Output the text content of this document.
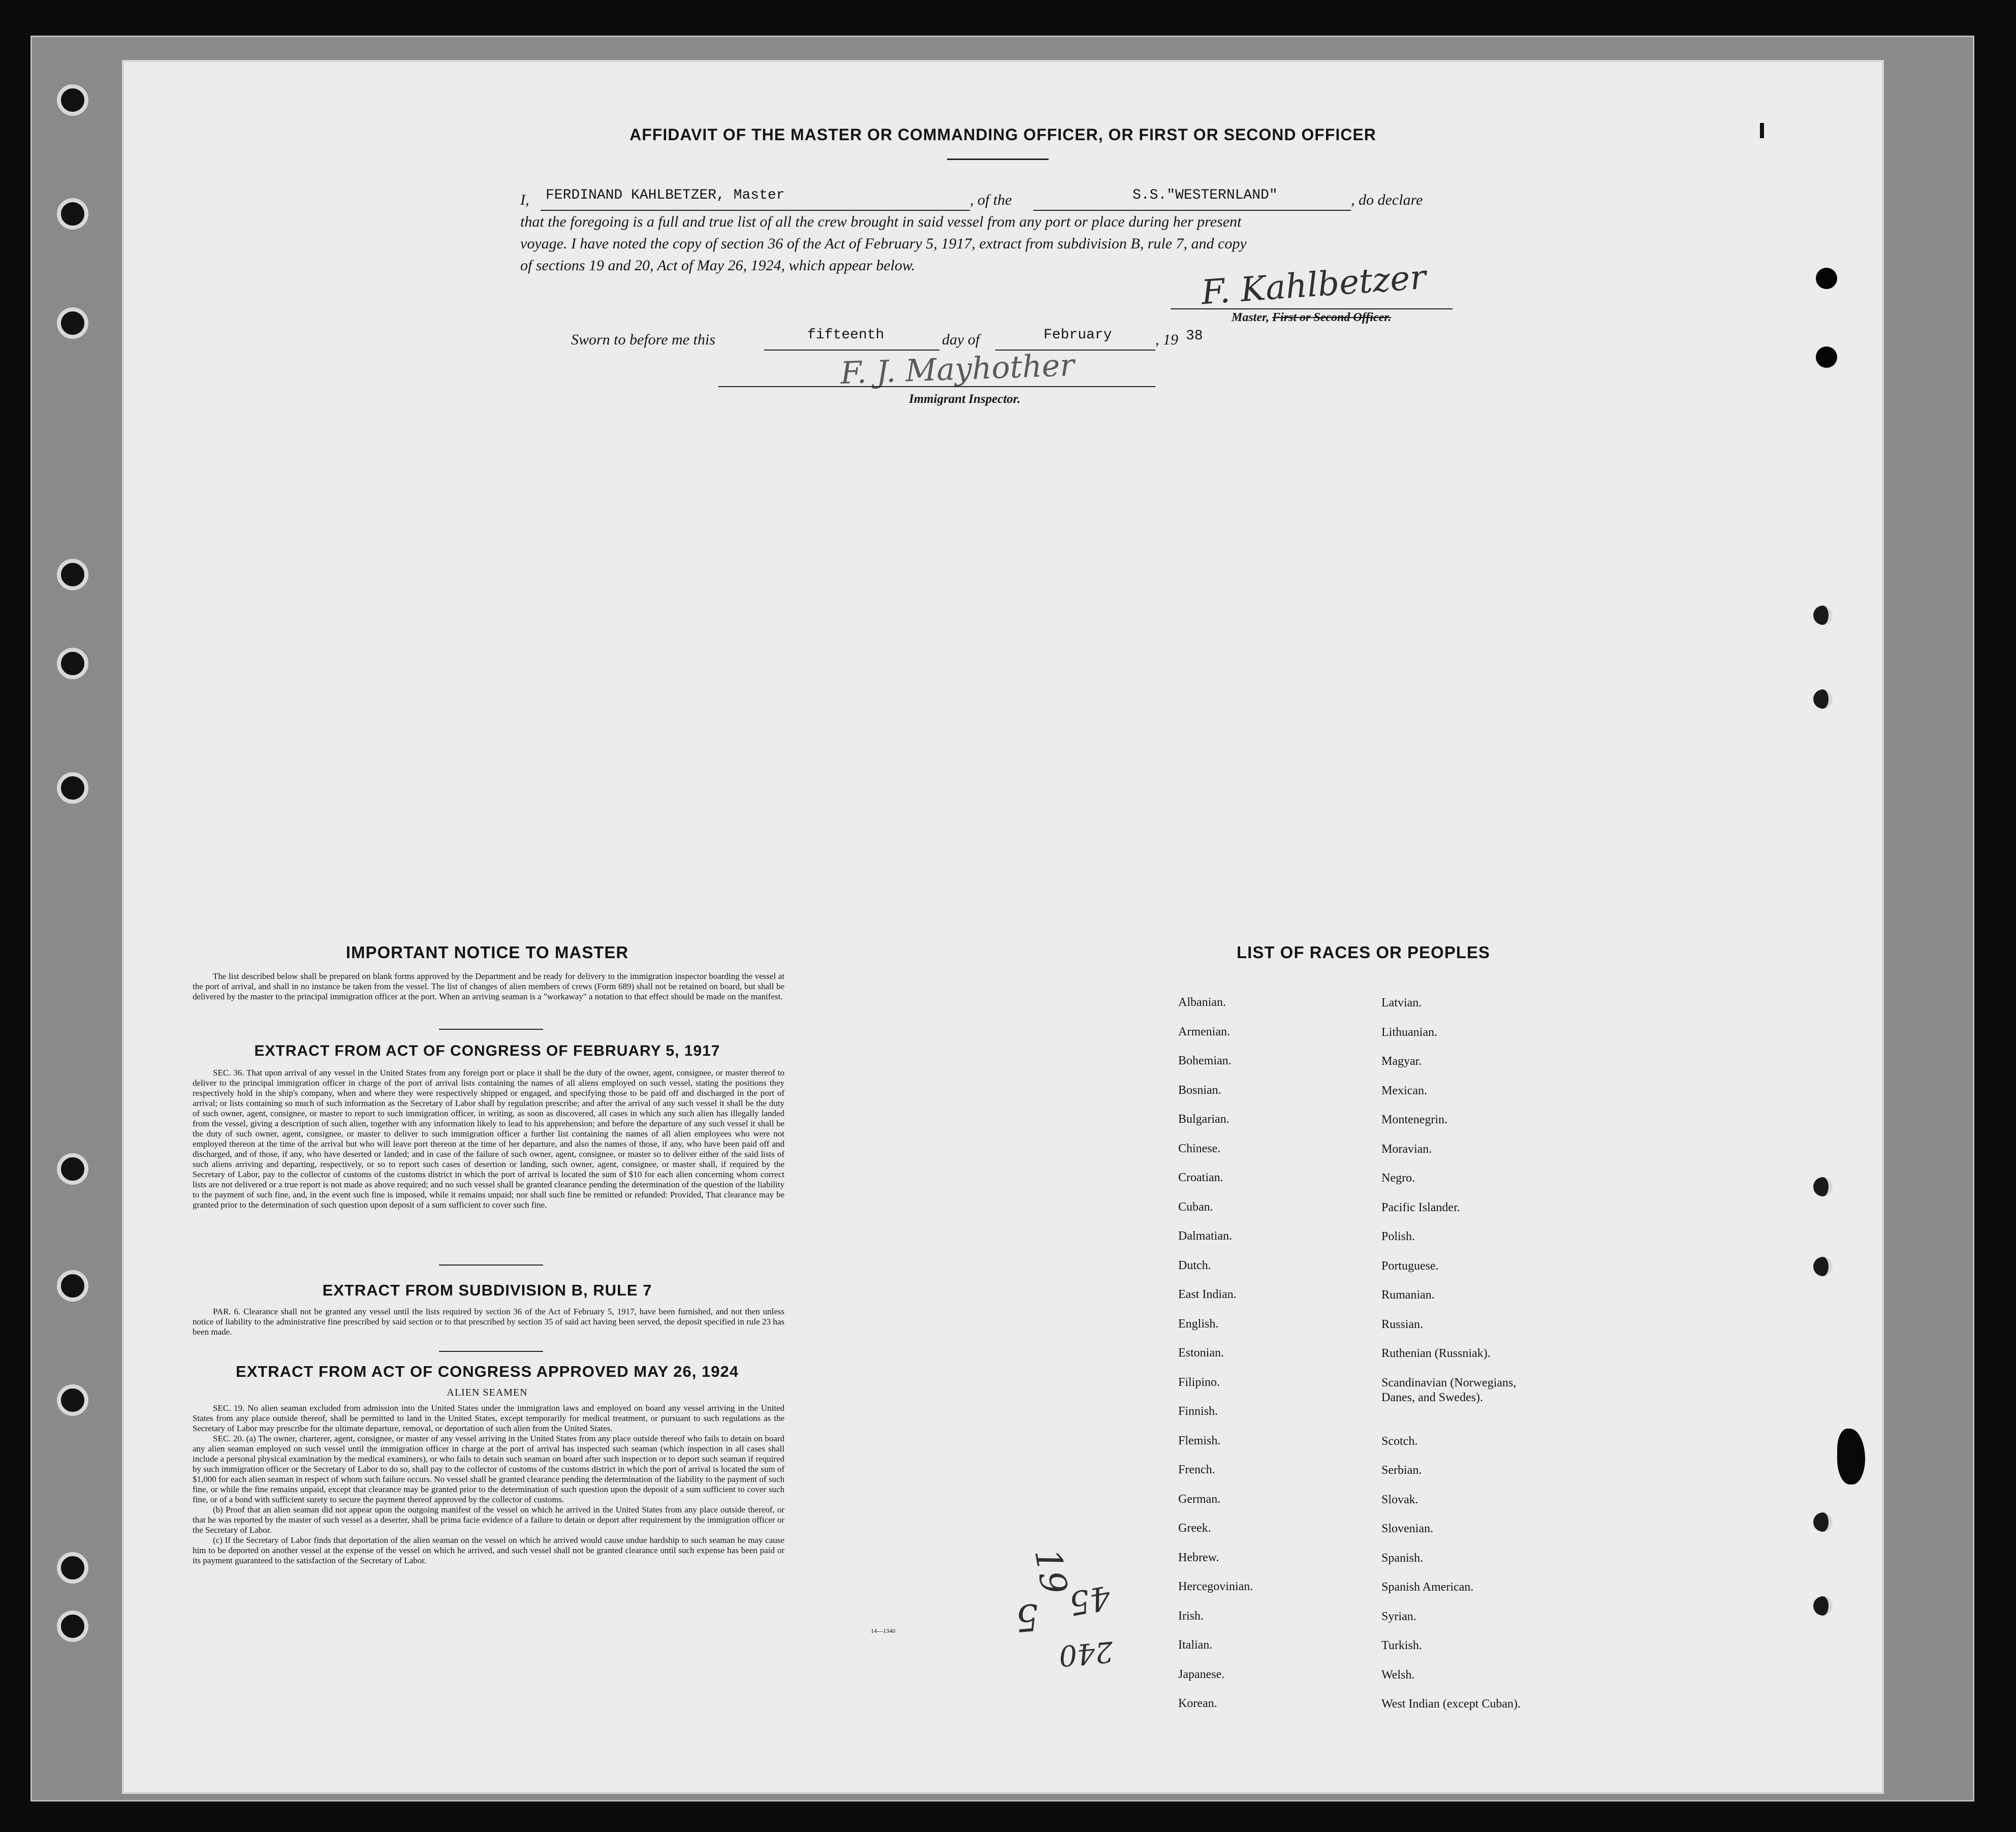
AFFIDAVIT OF THE MASTER OR COMMANDING OFFICER, OR FIRST OR SECOND OFFICER
I, FERDINAND KAHLBETZER, Master	, of the	S.S."WESTERNLAND"	, do declare
that the foregoing is a full and true list of all the crew brought in said vessel from any port or place during her present
voyage. I have noted the copy of section 36 of the Act of February 5, 1917, extract from subdivision B, rule 7, and copy
of sections 19 and 20, Act of May 26, 1924, which appear below.	F. Kahlbetzer
Master, First or Second Officer.
Sworn to before me this	fifteenth	day of	February	, 19 38
F. J. Mayhother
Immigrant Inspector.
IMPORTANT NOTICE TO MASTER
The list described below shall be prepared on blank forms approved by the Department and be ready for delivery to the immigration inspector boarding the vessel at the port of arrival, and shall in no instance be taken from the vessel. The list of changes of alien members of crews (Form 689) shall not be retained on board, but shall be delivered by the master to the principal immigration officer at the port. When an arriving seaman is a "workaway" a notation to that effect should be made on the manifest.
EXTRACT FROM ACT OF CONGRESS OF FEBRUARY 5, 1917
SEC. 36. That upon arrival of any vessel in the United States from any foreign port or place it shall be the duty of the owner, agent, consignee, or master thereof to deliver to the principal immigration officer in charge of the port of arrival lists containing the names of all aliens employed on such vessel, stating the positions they respectively hold in the ship's company, when and where they were respectively shipped or engaged, and specifying those to be paid off and discharged in the port of arrival; or lists containing so much of such information as the Secretary of Labor shall by regulation prescribe; and after the arrival of any such vessel it shall be the duty of such owner, agent, consignee, or master to report to such immigration officer, in writing, as soon as discovered, all cases in which any such alien has illegally landed from the vessel, giving a description of such alien, together with any information likely to lead to his apprehension; and before the departure of any such vessel it shall be the duty of such owner, agent, consignee, or master to deliver to such immigration officer a further list containing the names of all alien employees who were not employed thereon at the time of the arrival but who will leave port thereon at the time of her departure, and also the names of those, if any, who have been paid off and discharged, and of those, if any, who have deserted or landed; and in case of the failure of such owner, agent, consignee, or master so to deliver either of the said lists of such aliens arriving and departing, respectively, or so to report such cases of desertion or landing, such owner, agent, consignee, or master shall, if required by the Secretary of Labor, pay to the collector of customs of the customs district in which the port of arrival is located the sum of $10 for each alien concerning whom correct lists are not delivered or a true report is not made as above required; and no such vessel shall be granted clearance pending the determination of the question of the liability to the payment of such fine, and, in the event such fine is imposed, while it remains unpaid; nor shall such fine be remitted or refunded: Provided, That clearance may be granted prior to the determination of such question upon deposit of a sum sufficient to cover such fine.
EXTRACT FROM SUBDIVISION B, RULE 7
PAR. 6. Clearance shall not be granted any vessel until the lists required by section 36 of the Act of February 5, 1917, have been furnished, and not then unless notice of liability to the administrative fine prescribed by said section or to that prescribed by section 35 of said act having been served, the deposit specified in rule 23 has been made.
EXTRACT FROM ACT OF CONGRESS APPROVED MAY 26, 1924
ALIEN SEAMEN
SEC. 19. No alien seaman excluded from admission into the United States under the immigration laws and employed on board any vessel arriving in the United States from any place outside thereof, shall be permitted to land in the United States, except temporarily for medical treatment, or pursuant to such regulations as the Secretary of Labor may prescribe for the ultimate departure, removal, or deportation of such alien from the United States.
SEC. 20. (a) The owner, charterer, agent, consignee, or master of any vessel arriving in the United States from any place outside thereof who fails to detain on board any alien seaman employed on such vessel until the immigration officer in charge at the port of arrival has inspected such seaman (which inspection in all cases shall include a personal physical examination by the medical examiners), or who fails to detain such seaman on board after such inspection or to deport such seaman if required by such immigration officer or the Secretary of Labor to do so, shall pay to the collector of customs of the customs district in which the port of arrival is located the sum of $1,000 for each alien seaman in respect of whom such failure occurs. No vessel shall be granted clearance pending the determination of the liability to the payment of such fine, or while the fine remains unpaid, except that clearance may be granted prior to the determination of such question upon the deposit of a sum sufficient to cover such fine, or of a bond with sufficient surety to secure the payment thereof approved by the collector of customs.
(b) Proof that an alien seaman did not appear upon the outgoing manifest of the vessel on which he arrived in the United States from any place outside thereof, or that he was reported by the master of such vessel as a deserter, shall be prima facie evidence of a failure to detain or deport after requirement by the immigration officer or the Secretary of Labor.
(c) If the Secretary of Labor finds that deportation of the alien seaman on the vessel on which he arrived would cause undue hardship to such seaman he may cause him to be deported on another vessel at the expense of the vessel on which he arrived, and such vessel shall not be granted clearance until such expense has been paid or its payment guaranteed to the satisfaction of the Secretary of Labor.
14—1340
19
5 45
240
LIST OF RACES OR PEOPLES
Albanian.
Armenian.
Bohemian.
Bosnian.
Bulgarian.
Chinese.
Croatian.
Cuban.
Dalmatian.
Dutch.
East Indian.
English.
Estonian.
Filipino.
Finnish.
Flemish.
French.
German.
Greek.
Hebrew.
Hercegovinian.
Irish.
Italian.
Japanese.
Korean.
Latvian.
Lithuanian.
Magyar.
Mexican.
Montenegrin.
Moravian.
Negro.
Pacific Islander.
Polish.
Portuguese.
Rumanian.
Russian.
Ruthenian (Russniak).
Scandinavian (Norwegians,
Danes, and Swedes).
Scotch.
Serbian.
Slovak.
Slovenian.
Spanish.
Spanish American.
Syrian.
Turkish.
Welsh.
West Indian (except Cuban).
